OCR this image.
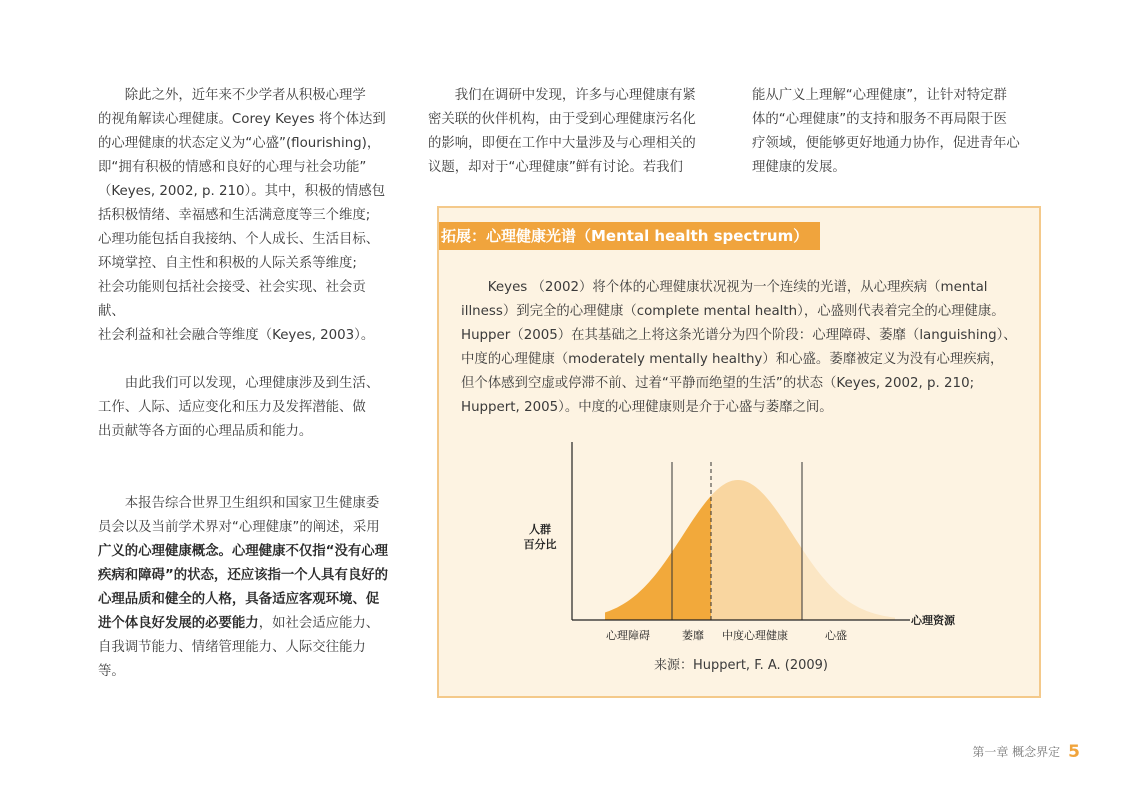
除此之外，近年来不少学者从积极心理学
的视角解读心理健康。Corey Keyes 将个体达到
的心理健康的状态定义为“心盛”(flourishing)，
即“拥有积极的情感和良好的心理与社会功能”
（Keyes, 2002, p. 210）。其中，积极的情感包
括积极情绪、幸福感和生活满意度等三个维度;
心理功能包括自我接纳、个人成长、生活目标、
环境掌控、自主性和积极的人际关系等维度;
社会功能则包括社会接受、社会实现、社会贡献、
社会利益和社会融合等维度（Keyes, 2003）。

由此我们可以发现，心理健康涉及到生活、
工作、人际、适应变化和压力及发挥潜能、做
出贡献等各方面的心理品质和能力。

本报告综合世界卫生组织和国家卫生健康委员会以及当前学术界对“心理健康”的阐述，采用广义的心理健康概念。心理健康不仅指“没有心理疾病和障碍”的状态，还应该指一个人具有良好的心理品质和健全的人格，具备适应客观环境、促进个体良好发展的必要能力，如社会适应能力、自我调节能力、情绪管理能力、人际交往能力等。

我们在调研中发现，许多与心理健康有紧
密关联的伙伴机构，由于受到心理健康污名化
的影响，即便在工作中大量涉及与心理相关的
议题，却对于“心理健康”鲜有讨论。若我们

能从广义上理解“心理健康”，让针对特定群
体的“心理健康”的支持和服务不再局限于医
疗领域，便能够更好地通力协作，促进青年心
理健康的发展。

拓展：心理健康光谱（Mental health spectrum）

Keyes （2002）将个体的心理健康状况视为一个连续的光谱，从心理疾病（mental
illness）到完全的心理健康（complete mental health），心盛则代表着完全的心理健康。
Hupper（2005）在其基础之上将这条光谱分为四个阶段：心理障碍、萎靡（languishing）、
中度的心理健康（moderately mentally healthy）和心盛。萎靡被定义为没有心理疾病，
但个体感到空虚或停滞不前、过着“平静而绝望的生活”的状态（Keyes, 2002, p. 210;
Huppert, 2005）。中度的心理健康则是介于心盛与萎靡之间。

来源：Huppert, F. A. (2009)
人群
百分比
心理资源
心理障碍	萎靡 中度心理健康	心盛
第一章 概念界定 5
